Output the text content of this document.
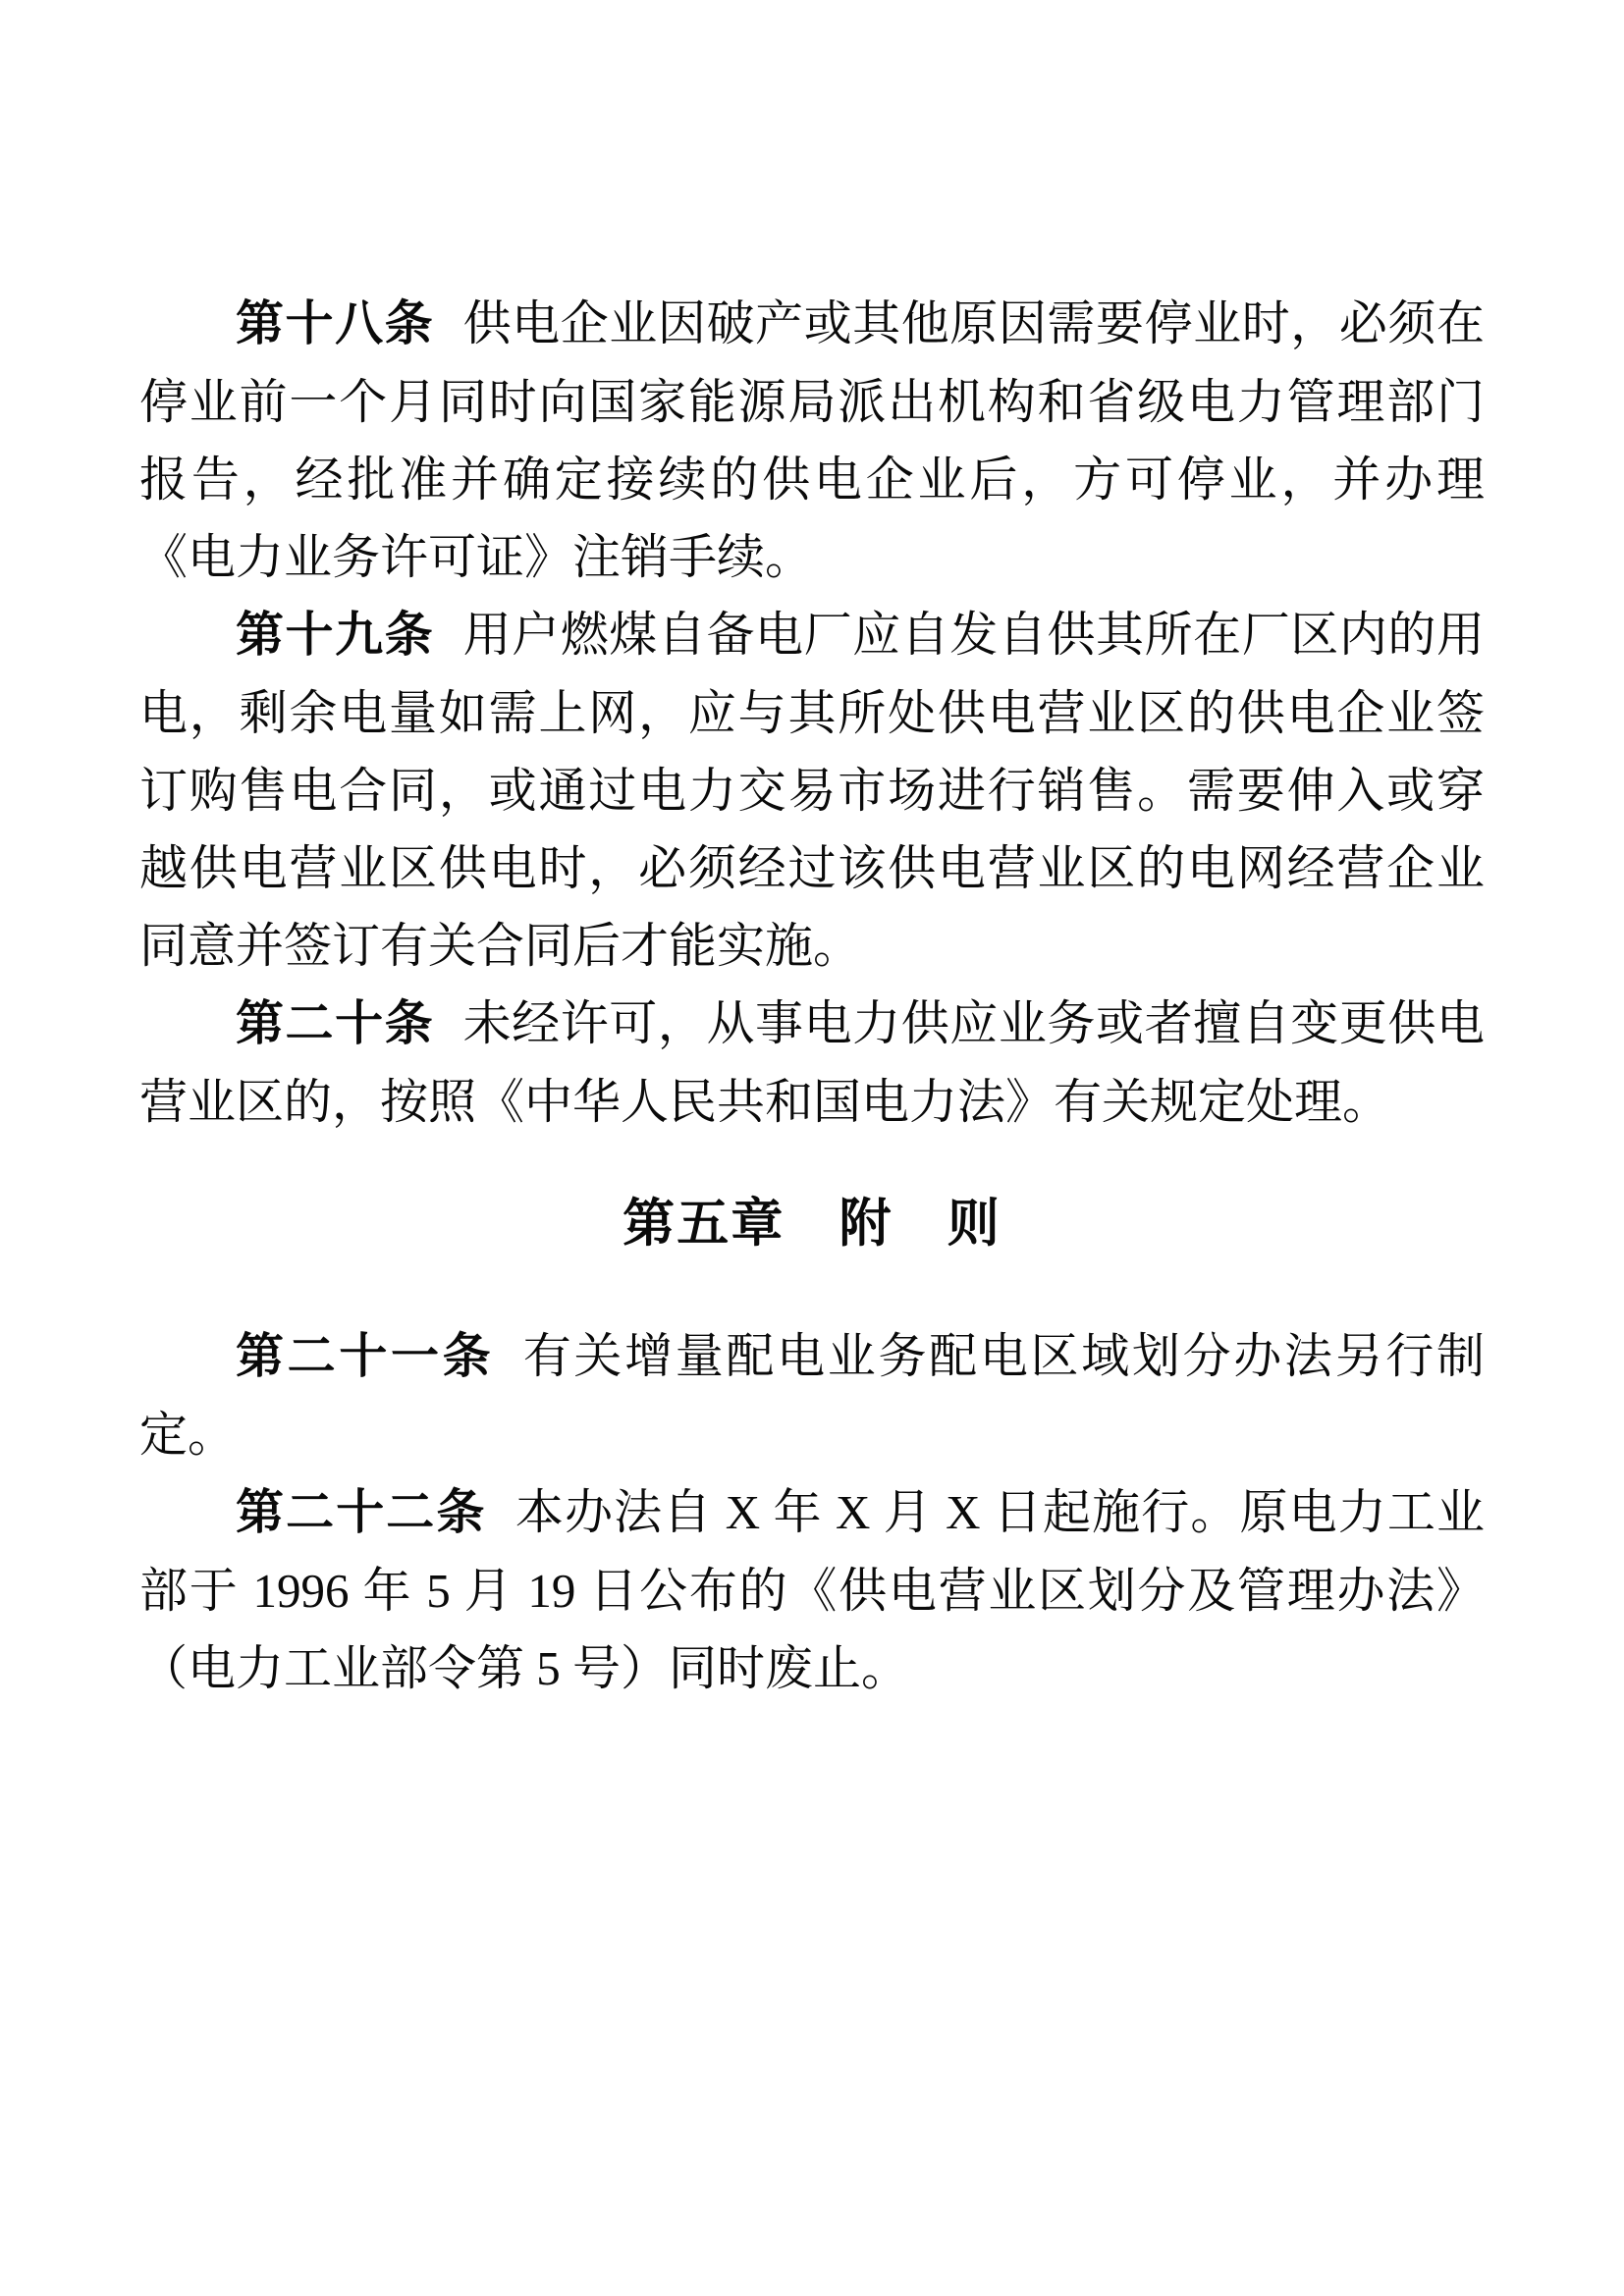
第十八条 供电企业因破产或其他原因需要停业时，必须在停业前一个月同时向国家能源局派出机构和省级电力管理部门报告，经批准并确定接续的供电企业后，方可停业，并办理《电力业务许可证》注销手续。

第十九条 用户燃煤自备电厂应自发自供其所在厂区内的用电，剩余电量如需上网，应与其所处供电营业区的供电企业签订购售电合同，或通过电力交易市场进行销售。需要伸入或穿越供电营业区供电时，必须经过该供电营业区的电网经营企业同意并签订有关合同后才能实施。

第二十条 未经许可，从事电力供应业务或者擅自变更供电营业区的，按照《中华人民共和国电力法》有关规定处理。

第五章　附　则

第二十一条 有关增量配电业务配电区域划分办法另行制定。

第二十二条 本办法自 X 年 X 月 X 日起施行。原电力工业部于 1996 年 5 月 19 日公布的《供电营业区划分及管理办法》（电力工业部令第 5 号）同时废止。
